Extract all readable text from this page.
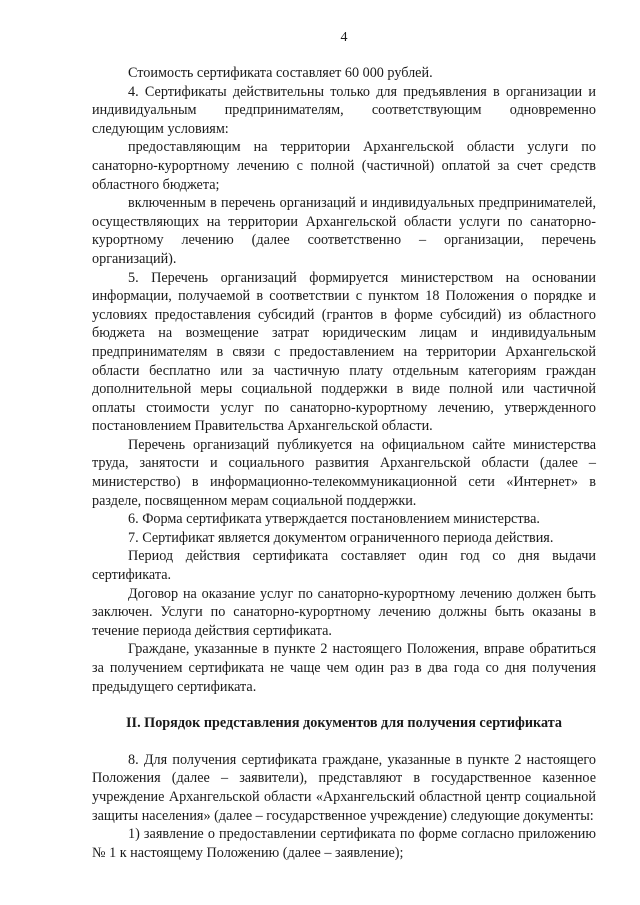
4

Стоимость сертификата составляет 60 000 рублей.

4. Сертификаты действительны только для предъявления в организации и индивидуальным предпринимателям, соответствующим одновременно следующим условиям:

предоставляющим на территории Архангельской области услуги по санаторно-курортному лечению с полной (частичной) оплатой за счет средств областного бюджета;

включенным в перечень организаций и индивидуальных предпринимателей, осуществляющих на территории Архангельской области услуги по санаторно-курортному лечению (далее соответственно – организации, перечень организаций).

5. Перечень организаций формируется министерством на основании информации, получаемой в соответствии с пунктом 18 Положения о порядке и условиях предоставления субсидий (грантов в форме субсидий) из областного бюджета на возмещение затрат юридическим лицам и индивидуальным предпринимателям в связи с предоставлением на территории Архангельской области бесплатно или за частичную плату отдельным категориям граждан дополнительной меры социальной поддержки в виде полной или частичной оплаты стоимости услуг по санаторно-курортному лечению, утвержденного постановлением Правительства Архангельской области.

Перечень организаций публикуется на официальном сайте министерства труда, занятости и социального развития Архангельской области (далее – министерство) в информационно-телекоммуникационной сети «Интернет» в разделе, посвященном мерам социальной поддержки.

6. Форма сертификата утверждается постановлением министерства.

7. Сертификат является документом ограниченного периода действия.

Период действия сертификата составляет один год со дня выдачи сертификата.

Договор на оказание услуг по санаторно-курортному лечению должен быть заключен. Услуги по санаторно-курортному лечению должны быть оказаны в течение периода действия сертификата.

Граждане, указанные в пункте 2 настоящего Положения, вправе обратиться за получением сертификата не чаще чем один раз в два года со дня получения предыдущего сертификата.

II. Порядок представления документов для получения сертификата

8. Для получения сертификата граждане, указанные в пункте 2 настоящего Положения (далее – заявители), представляют в государственное казенное учреждение Архангельской области «Архангельский областной центр социальной защиты населения» (далее – государственное учреждение) следующие документы:

1) заявление о предоставлении сертификата по форме согласно приложению № 1 к настоящему Положению (далее – заявление);
